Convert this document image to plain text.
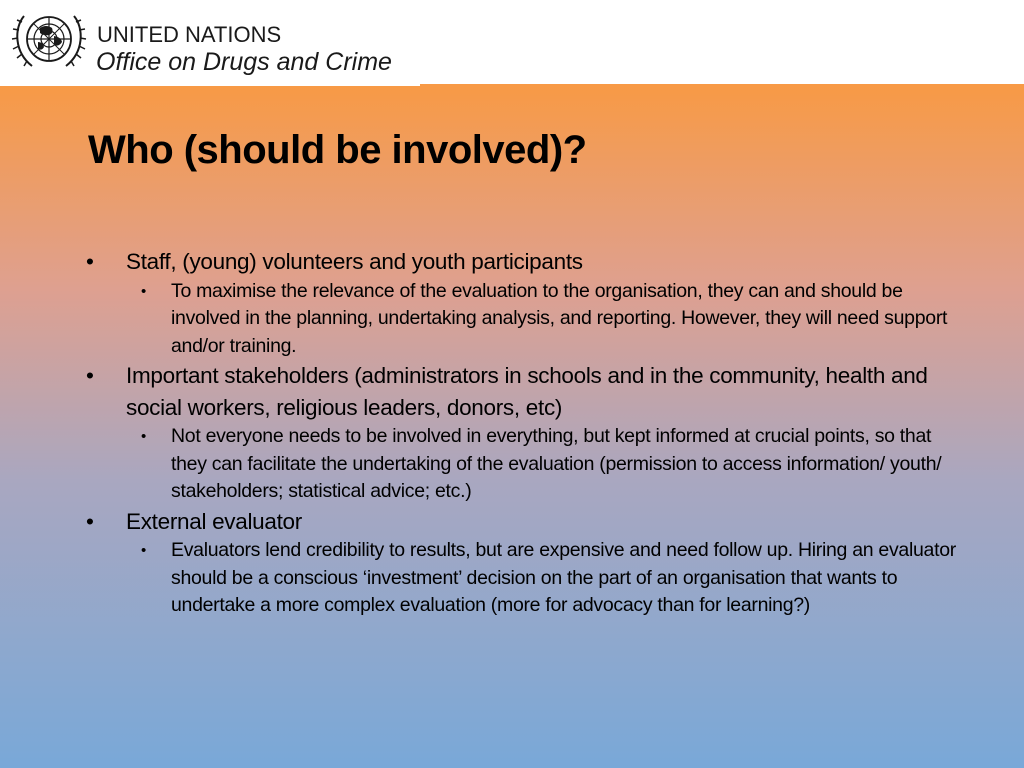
UNITED NATIONS
Office on Drugs and Crime
Who (should be involved)?
• Staff, (young) volunteers and youth participants
• To maximise the relevance of the evaluation to the organisation, they can and should be involved in the planning, undertaking analysis, and reporting. However, they will need support and/or training.
• Important stakeholders (administrators in schools and in the community, health and social workers, religious leaders, donors, etc)
• Not everyone needs to be involved in everything, but kept informed at crucial points, so that they can facilitate the undertaking of the evaluation (permission to access information/ youth/ stakeholders; statistical advice; etc.)
• External evaluator
• Evaluators lend credibility to results, but are expensive and need follow up. Hiring an evaluator should be a conscious ‘investment’ decision on the part of an organisation that wants to undertake a more complex evaluation (more for advocacy than for learning?)
